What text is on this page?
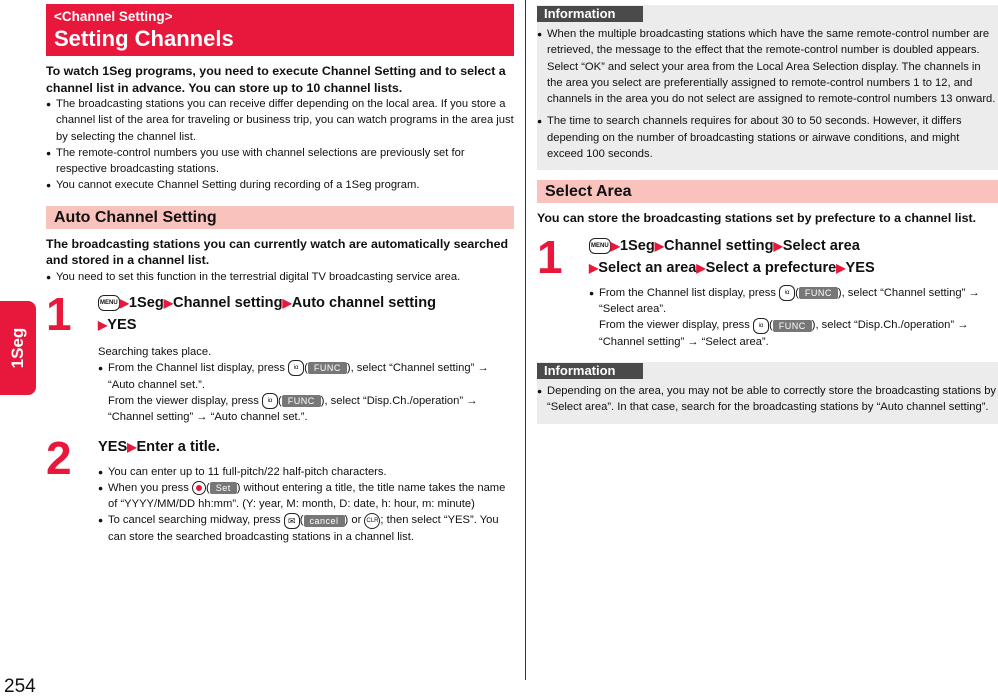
1Seg
254
<Channel Setting>
Setting Channels
To watch 1Seg programs, you need to execute Channel Setting and to select a channel list in advance. You can store up to 10 channel lists.
● The broadcasting stations you can receive differ depending on the local area. If you store a channel list of the area for traveling or business trip, you can watch programs in the area just by selecting the channel list.
● The remote-control numbers you use with channel selections are previously set for respective broadcasting stations.
● You cannot execute Channel Setting during recording of a 1Seg program.
Auto Channel Setting
The broadcasting stations you can currently watch are automatically searched and stored in a channel list.
● You need to set this function in the terrestrial digital TV broadcasting service area.
1	MENU ▶1Seg▶Channel setting▶Auto channel setting
▶YES
Searching takes place.
● From the Channel list display, press iα ( FUNC ), select “Channel setting” → “Auto channel set.”.
From the viewer display, press iα ( FUNC ), select “Disp.Ch./operation” → “Channel setting” → “Auto channel set.”.
2 YES▶Enter a title.
● You can enter up to 11 full-pitch/22 half-pitch characters.
● When you press ( Set ) without entering a title, the title name takes the name of “YYYY/MM/DD hh:mm”. (Y: year, M: month, D: date, h: hour, m: minute)
● To cancel searching midway, press ✉ ( cancel ) or CLR ; then select “YES”. You can store the searched broadcasting stations in a channel list.
Information
● When the multiple broadcasting stations which have the same remote-control number are retrieved, the message to the effect that the remote-control number is doubled appears. Select “OK” and select your area from the Local Area Selection display. The channels in the area you select are preferentially assigned to remote-control numbers 1 to 12, and channels in the area you do not select are assigned to remote-control numbers 13 onward.
● The time to search channels requires for about 30 to 50 seconds. However, it differs depending on the number of broadcasting stations or airwave conditions, and might exceed 100 seconds.
Select Area
You can store the broadcasting stations set by prefecture to a channel list.
1	MENU ▶1Seg▶Channel setting▶Select area
▶Select an area▶Select a prefecture▶YES
● From the Channel list display, press iα ( FUNC ), select “Channel setting” → “Select area”.
From the viewer display, press iα ( FUNC ), select “Disp.Ch./operation” → “Channel setting” → “Select area”.
Information
● Depending on the area, you may not be able to correctly store the broadcasting stations by “Select area”. In that case, search for the broadcasting stations by “Auto channel setting”.
